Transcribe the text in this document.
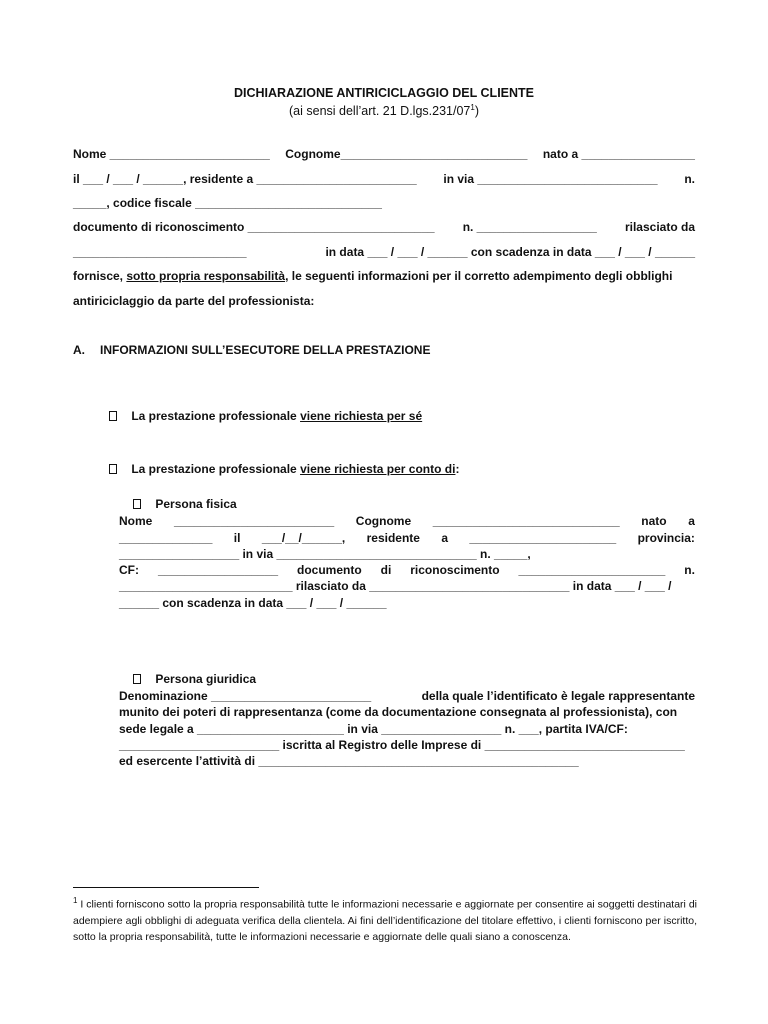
DICHIARAZIONE ANTIRICICLAGGIO DEL CLIENTE
(ai sensi dell’art. 21 $D.\lg s.231/07^1$)
Nome ________________________ Cognome____________________________ nato a _________________
il ___ / ___ / ______, residente a ________________________ in via ___________________________ n.
_____, codice fiscale ____________________________
documento di riconoscimento ____________________________ n. __________________ rilasciato da
__________________________	in data ___ / ___ / ______ con scadenza in data ___ / ___ / ______
fornisce, sotto propria responsabilità, le seguenti informazioni per il corretto adempimento degli obblighi
antiriciclaggio da parte del professionista:
A. INFORMAZIONI SULL’ESECUTORE DELLA PRESTAZIONE

La prestazione professionale viene richiesta per sé

La prestazione professionale viene richiesta per conto di:

Persona fisica

Nome ________________________ Cognome ____________________________ nato a
______________ il ___/__/______, residente a ______________________ provincia:
__________________ in via ______________________________ n. _____,
CF: __________________ documento di riconoscimento ______________________ n.
__________________________ rilasciato da ______________________________ in data ___ / ___ /
______ con scadenza in data ___ / ___ / ______

Persona giuridica

Denominazione ________________________	della quale l’identificato è legale rappresentante
munito dei poteri di rappresentanza (come da documentazione consegnata al professionista), con
sede legale a ______________________ in via __________________ n. ___, partita IVA/CF:
________________________ iscritta al Registro delle Imprese di ______________________________
ed esercente l’attività di ________________________________________________
$^1$ I clienti forniscono sotto la propria responsabilità tutte le informazioni necessarie e aggiornate per consentire ai soggetti destinatari di adempiere agli obblighi di adeguata verifica della clientela. Ai fini dell’identificazione del titolare effettivo, i clienti forniscono per iscritto, sotto la propria responsabilità, tutte le informazioni necessarie e aggiornate delle quali siano a conoscenza.
